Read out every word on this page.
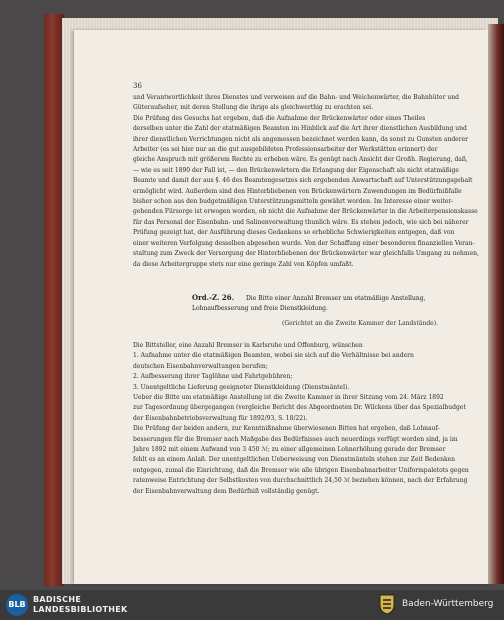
36
und Verantwortlichkeit ihres Dienstes und verweisen auf die Bahn- und Weichenwärter, die Bahnhüter und
Güteraufseher, mit deren Stellung die ihrige als gleichwerthig zu erachten sei.
Die Prüfung des Gesuchs hat ergeben, daß die Aufnahme der Brückenwärter oder eines Theiles
derselben unter die Zahl der etatmäßigen Beamten im Hinblick auf die Art ihrer dienstlichen Ausbildung und
ihrer dienstlichen Verrichtungen nicht als angemessen bezeichnet werden kann, da sonst zu Gunsten anderer
Arbeiter (es sei hier nur an die gut ausgebildeten Professionsarbeiter der Werkstätten erinnert) der
gleiche Anspruch mit größerem Rechte zu erheben wäre. Es genügt nach Ansicht der Großh. Regierung, daß,
— wie es seit 1890 der Fall ist, — den Brückenwärtern die Erlangung der Eigenschaft als nicht etatmäßige
Beamte und damit der aus §. 46 des Beamtengesetzes sich ergebenden Anwartschaft auf Unterstützungsgehalt
ermöglicht wird. Außerdem sind den Hinterbliebenen von Brückenwärtern Zuwendungen im Bedürfnißfalle
bisher schon aus den budgetmäßigen Unterstützungsmitteln gewährt worden. Im Interesse einer weiter-
gehenden Fürsorge ist erwogen worden, ob nicht die Aufnahme der Brückenwärter in die Arbeiterpensionskasse
für das Personal der Eisenbahn- und Salinenverwaltung thunlich wäre. Es stehen jedoch, wie sich bei näherer
Prüfung gezeigt hat, der Ausführung dieses Gedankens so erhebliche Schwierigkeiten entgegen, daß von
einer weiteren Verfolgung desselben abgesehen wurde. Von der Schaffung einer besonderen finanziellen Veran-
staltung zum Zweck der Versorgung der Hinterbliebenen der Brückenwärter war gleichfalls Umgang zu nehmen,
da diese Arbeitergruppe stets nur eine geringe Zahl von Köpfen umfaßt.
Ord.-Z. 26. Die Bitte einer Anzahl Bremser um etatmäßige Anstellung,
Lohnaufbesserung und freie Dienstkleidung.
(Gerichtet an die Zweite Kammer der Landstände).
Die Bittsteller, eine Anzahl Bremser in Karlsruhe und Offenburg, wünschen
1. Aufnahme unter die etatmäßigen Beamten, wobei sie sich auf die Verhältnisse bei andern
deutschen Eisenbahnverwaltungen berufen;
2. Aufbesserung ihrer Taglöhne und Fahrtgebühren;
3. Unentgeltliche Lieferung geeigneter Dienstkleidung (Dienstmäntel).
Ueber die Bitte um etatmäßige Anstellung ist die Zweite Kammer in ihrer Sitzung vom 24. März 1892
zur Tagesordnung übergegangen (vergleiche Bericht des Abgeordneten Dr. Wilckens über das Spezialbudget
der Eisenbahnbetriebsverwaltung für 1892/93, S. 18/22).
Die Prüfung der beiden andern, zur Kenntnißnahme überwiesenen Bitten hat ergeben, daß Lohnauf-
besserungen für die Bremser nach Maßgabe des Bedürfnisses auch neuerdings verfügt worden sind, ja im
Jahre 1892 mit einem Aufwand von 3 450 ℳ; zu einer allgemeinen Lohnerhöhung gerade der Bremser
fehlt es an einem Anlaß. Der unentgeltlichen Ueberweisung von Dienstmänteln stehen zur Zeit Bedenken
entgegen, zumal die Einrichtung, daß die Bremser wie alle übrigen Eisenbahnarbeiter Uniformpaletots gegen
ratenweise Entrichtung der Selbstkosten von durchschnittlich 24,50 ℳ beziehen können, nach der Erfahrung
der Eisenbahnverwaltung dem Bedürfniß vollständig genügt.
BLB
BADISCHE
LANDESBIBLIOTHEK
Baden-Württemberg
